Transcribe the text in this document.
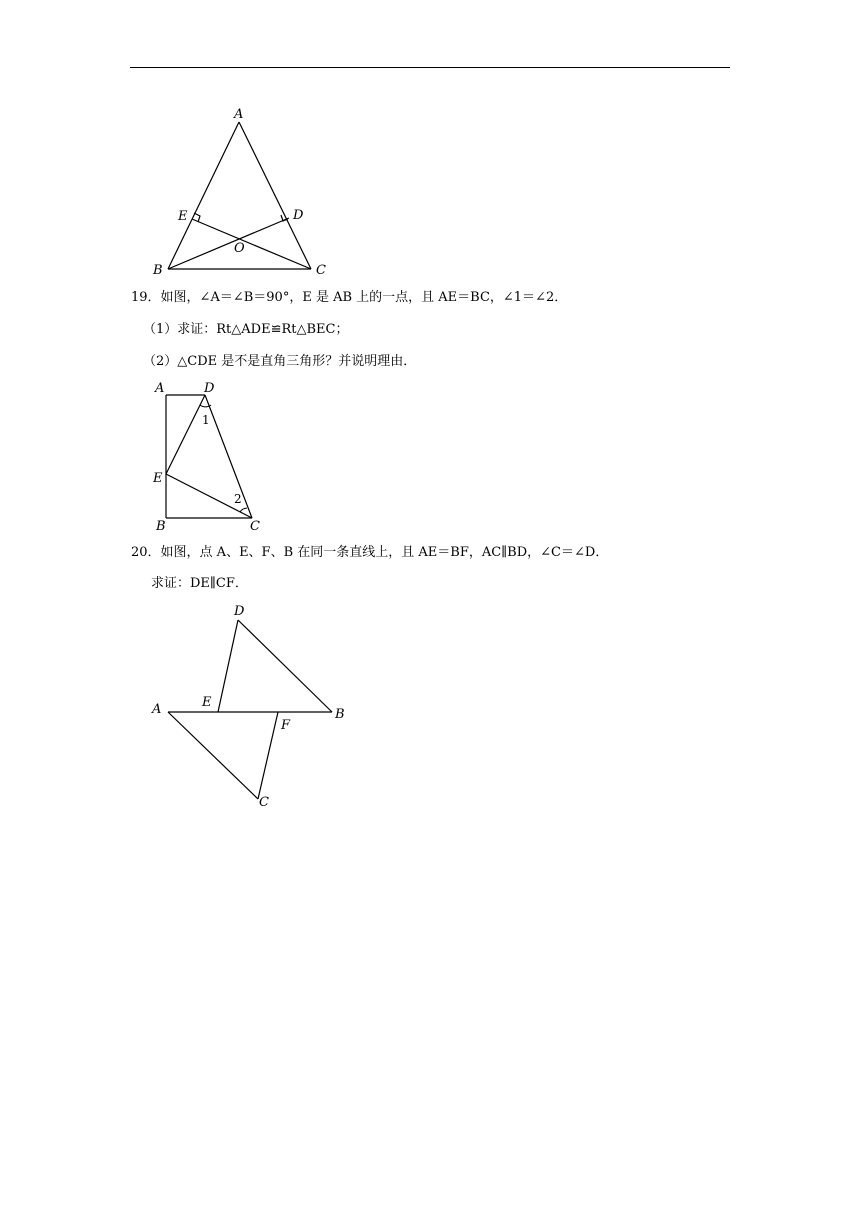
A
E	D
O
B	C
19．如图，∠A＝∠B＝90°，E 是 AB 上的一点，且 AE＝BC，∠1＝∠2．
（1）求证：Rt△ADE≌Rt△BEC；
（2）△CDE 是不是直角三角形？并说明理由．
A	D
1
E
2
B	C
20．如图，点 A、E、F、B 在同一条直线上，且 AE＝BF，AC∥BD，∠C＝∠D．
求证：DE∥CF．
D
A	E
F
B
C
